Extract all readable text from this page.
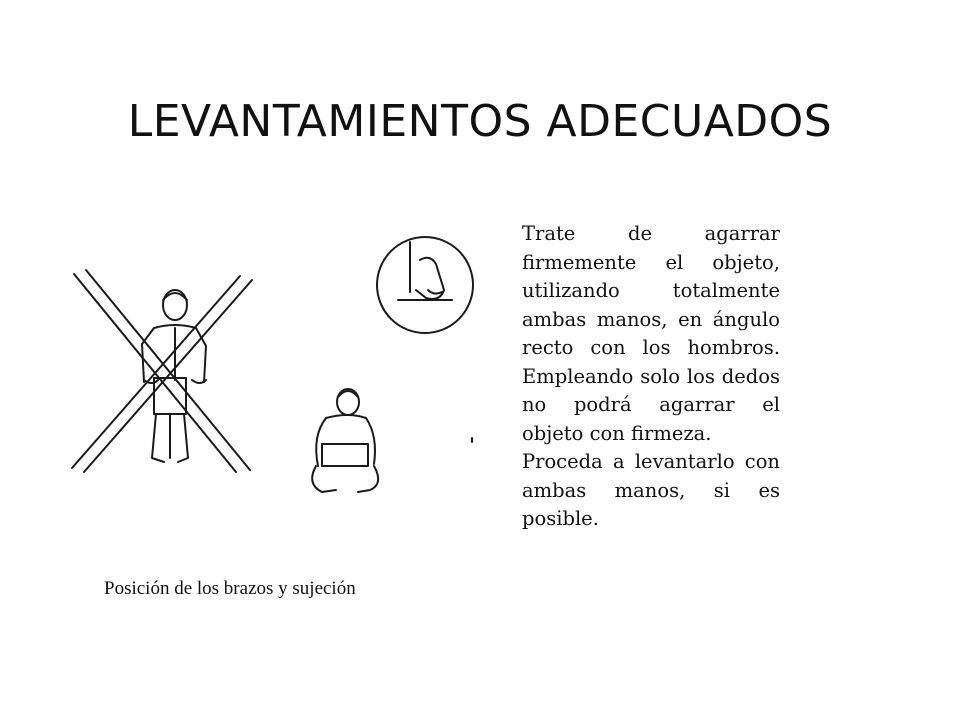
LEVANTAMIENTOS ADECUADOS
Posición de los brazos y sujeción

Trate de agarrar firmemente el objeto, utilizando totalmente ambas manos, en ángulo recto con los hombros. Empleando solo los dedos no podrá agarrar el objeto con firmeza.

Proceda a levantarlo con ambas manos, si es posible.
